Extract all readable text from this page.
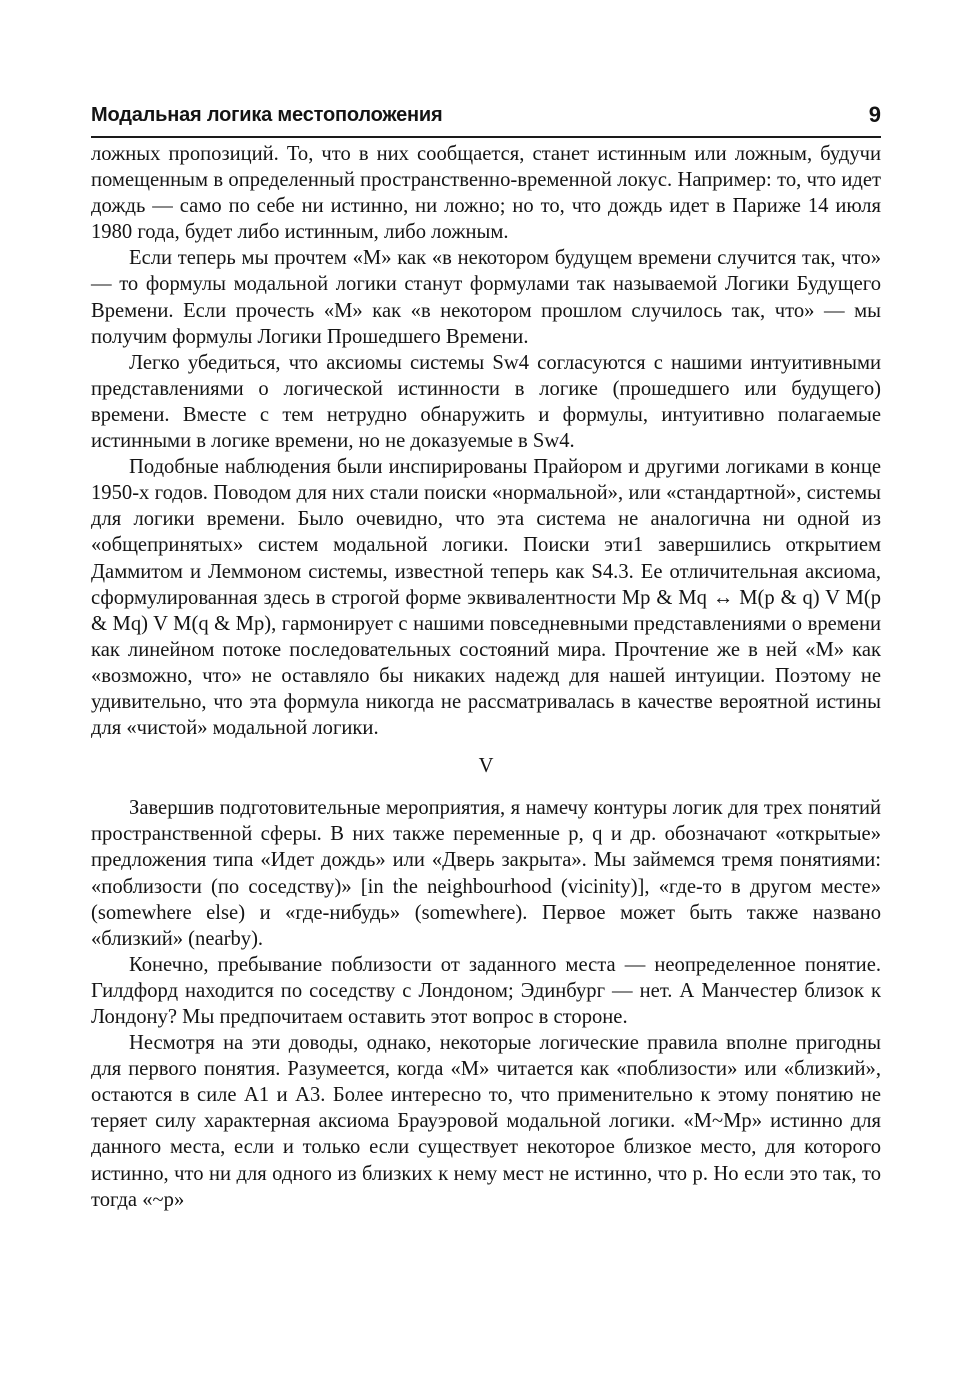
Модальная логика местоположения	9

ложных пропозиций. То, что в них сообщается, станет истинным или ложным, будучи помещенным в определенный пространственно-временной локус. Например: то, что идет дождь — само по себе ни истинно, ни ложно; но то, что дождь идет в Париже 14 июля 1980 года, будет либо истинным, либо ложным.

Если теперь мы прочтем «M» как «в некотором будущем времени случится так, что» — то формулы модальной логики станут формулами так называемой Логики Будущего Времени. Если прочесть «M» как «в некотором прошлом случилось так, что» — мы получим формулы Логики Прошедшего Времени.

Легко убедиться, что аксиомы системы Sw4 согласуются с нашими интуитивными представлениями о логической истинности в логике (прошедшего или будущего) времени. Вместе с тем нетрудно обнаружить и формулы, интуитивно полагаемые истинными в логике времени, но не доказуемые в Sw4.

Подобные наблюдения были инспирированы Прайором и другими логиками в конце 1950-х годов. Поводом для них стали поиски «нормальной», или «стандартной», системы для логики времени. Было очевидно, что эта система не аналогична ни одной из «общепринятых» систем модальной логики. Поиски эти1 завершились открытием Даммитом и Леммоном системы, известной теперь как S4.3. Ее отличительная аксиома, сформулированная здесь в строгой форме эквивалентности Mp & Mq ↔ M(p & q) V M(p & Mq) V M(q & Mp), гармонирует с нашими повседневными представлениями о времени как линейном потоке последовательных состояний мира. Прочтение же в ней «M» как «возможно, что» не оставляло бы никаких надежд для нашей интуиции. Поэтому не удивительно, что эта формула никогда не рассматривалась в качестве вероятной истины для «чистой» модальной логики.

V

Завершив подготовительные мероприятия, я намечу контуры логик для трех понятий пространственной сферы. В них также переменные p, q и др. обозначают «открытые» предложения типа «Идет дождь» или «Дверь закрыта». Мы займемся тремя понятиями: «поблизости (по соседству)» [in the neighbourhood (vicinity)], «где-то в другом месте» (somewhere else) и «где-нибудь» (somewhere). Первое может быть также названо «близкий» (nearby).

Конечно, пребывание поблизости от заданного места — неопределенное понятие. Гилдфорд находится по соседству с Лондоном; Эдинбург — нет. А Манчестер близок к Лондону? Мы предпочитаем оставить этот вопрос в стороне.

Несмотря на эти доводы, однако, некоторые логические правила вполне пригодны для первого понятия. Разумеется, когда «M» читается как «поблизости» или «близкий», остаются в силе A1 и A3. Более интересно то, что применительно к этому понятию не теряет силу характерная аксиома Брауэровой модальной логики. «M~Mp» истинно для данного места, если и только если существует некоторое близкое место, для которого истинно, что ни для одного из близких к нему мест не истинно, что p. Но если это так, то тогда «~p»
